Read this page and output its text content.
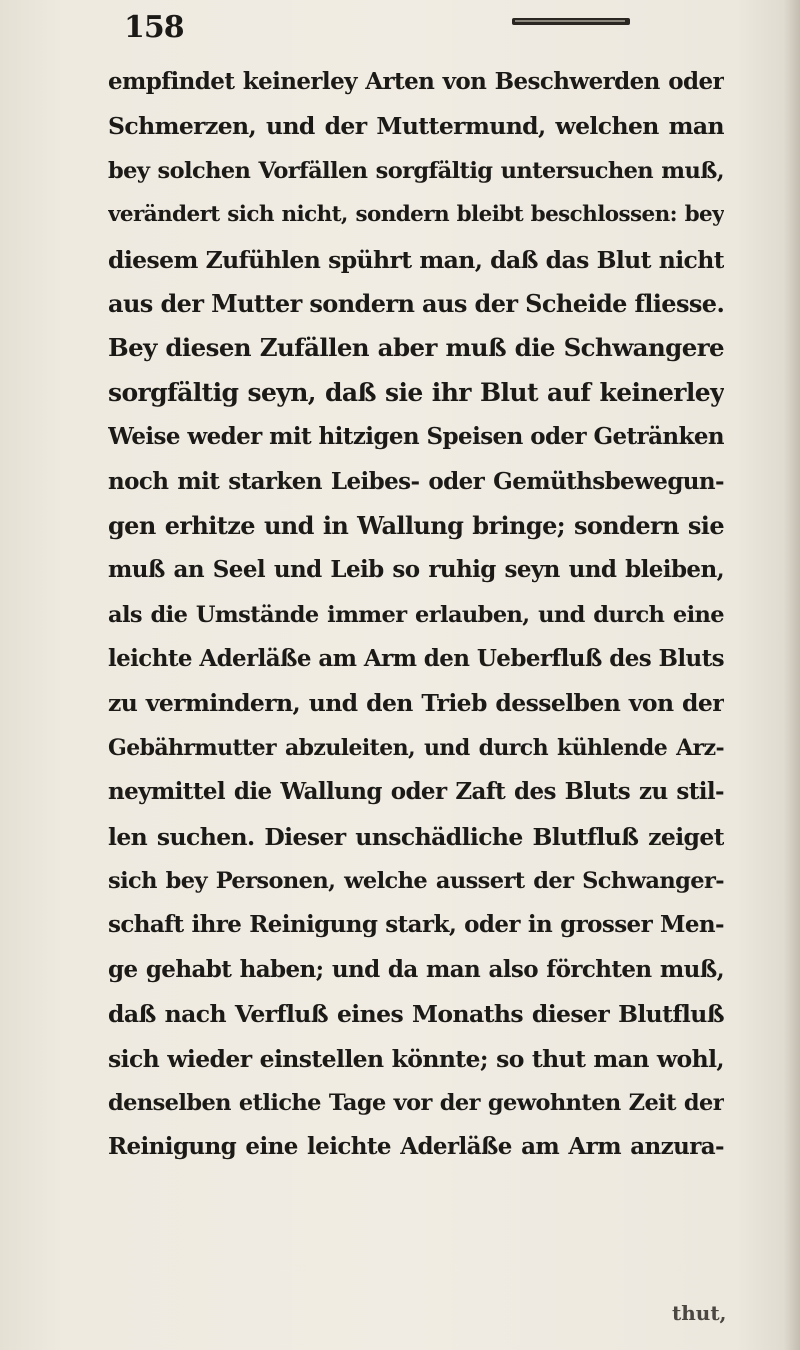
158
empfindet keinerley Arten von Beschwerden oder
Schmerzen, und der Muttermund, welchen man
bey solchen Vorfällen sorgfältig untersuchen muß,
verändert sich nicht, sondern bleibt beschlossen: bey
diesem Zufühlen spührt man, daß das Blut nicht
aus der Mutter sondern aus der Scheide fliesse.
Bey diesen Zufällen aber muß die Schwangere
sorgfältig seyn, daß sie ihr Blut auf keinerley
Weise weder mit hitzigen Speisen oder Getränken
noch mit starken Leibes- oder Gemüthsbewegun-
gen erhitze und in Wallung bringe; sondern sie
muß an Seel und Leib so ruhig seyn und bleiben,
als die Umstände immer erlauben, und durch eine
leichte Aderläße am Arm den Ueberfluß des Bluts
zu vermindern, und den Trieb desselben von der
Gebährmutter abzuleiten, und durch kühlende Arz-
neymittel die Wallung oder Zaft des Bluts zu stil-
len suchen. Dieser unschädliche Blutfluß zeiget
sich bey Personen, welche aussert der Schwanger-
schaft ihre Reinigung stark, oder in grosser Men-
ge gehabt haben; und da man also förchten muß,
daß nach Verfluß eines Monaths dieser Blutfluß
sich wieder einstellen könnte; so thut man wohl,
denselben etliche Tage vor der gewohnten Zeit der
Reinigung eine leichte Aderläße am Arm anzura-
thut,
